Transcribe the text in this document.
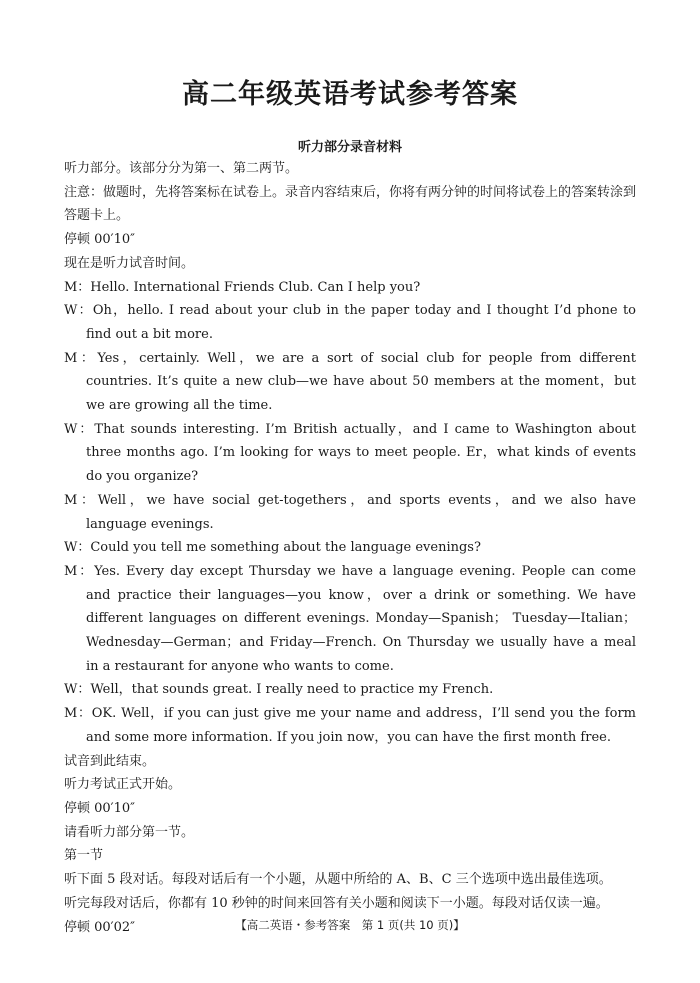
高二年级英语考试参考答案
听力部分录音材料

听力部分。该部分分为第一、第二两节。

注意：做题时，先将答案标在试卷上。录音内容结束后，你将有两分钟的时间将试卷上的答案转涂到答题卡上。

停顿 00′10″

现在是听力试音时间。

M：Hello. International Friends Club. Can I help you?

W：Oh，hello. I read about your club in the paper today and I thought I’d phone to find out a bit more.

M：Yes，certainly. Well，we are a sort of social club for people from different countries. It’s quite a new club—we have about 50 members at the moment，but we are growing all the time.

W：That sounds interesting. I’m British actually，and I came to Washington about three months ago. I’m looking for ways to meet people. Er，what kinds of events do you organize?

M：Well，we have social get-togethers，and sports events，and we also have language evenings.

W：Could you tell me something about the language evenings?

M：Yes. Every day except Thursday we have a language evening. People can come and practice their languages—you know，over a drink or something. We have different languages on different evenings. Monday—Spanish； Tuesday—Italian； Wednesday—German；and Friday—French. On Thursday we usually have a meal in a restaurant for anyone who wants to come.

W：Well，that sounds great. I really need to practice my French.

M：OK. Well，if you can just give me your name and address，I’ll send you the form and some more information. If you join now，you can have the first month free.

试音到此结束。

听力考试正式开始。

停顿 00′10″

请看听力部分第一节。

第一节

听下面 5 段对话。每段对话后有一个小题，从题中所给的 A、B、C 三个选项中选出最佳选项。

听完每段对话后，你都有 10 秒钟的时间来回答有关小题和阅读下一小题。每段对话仅读一遍。

停顿 00′02″	【高二英语・参考答案　第 1 页(共 10 页)】
